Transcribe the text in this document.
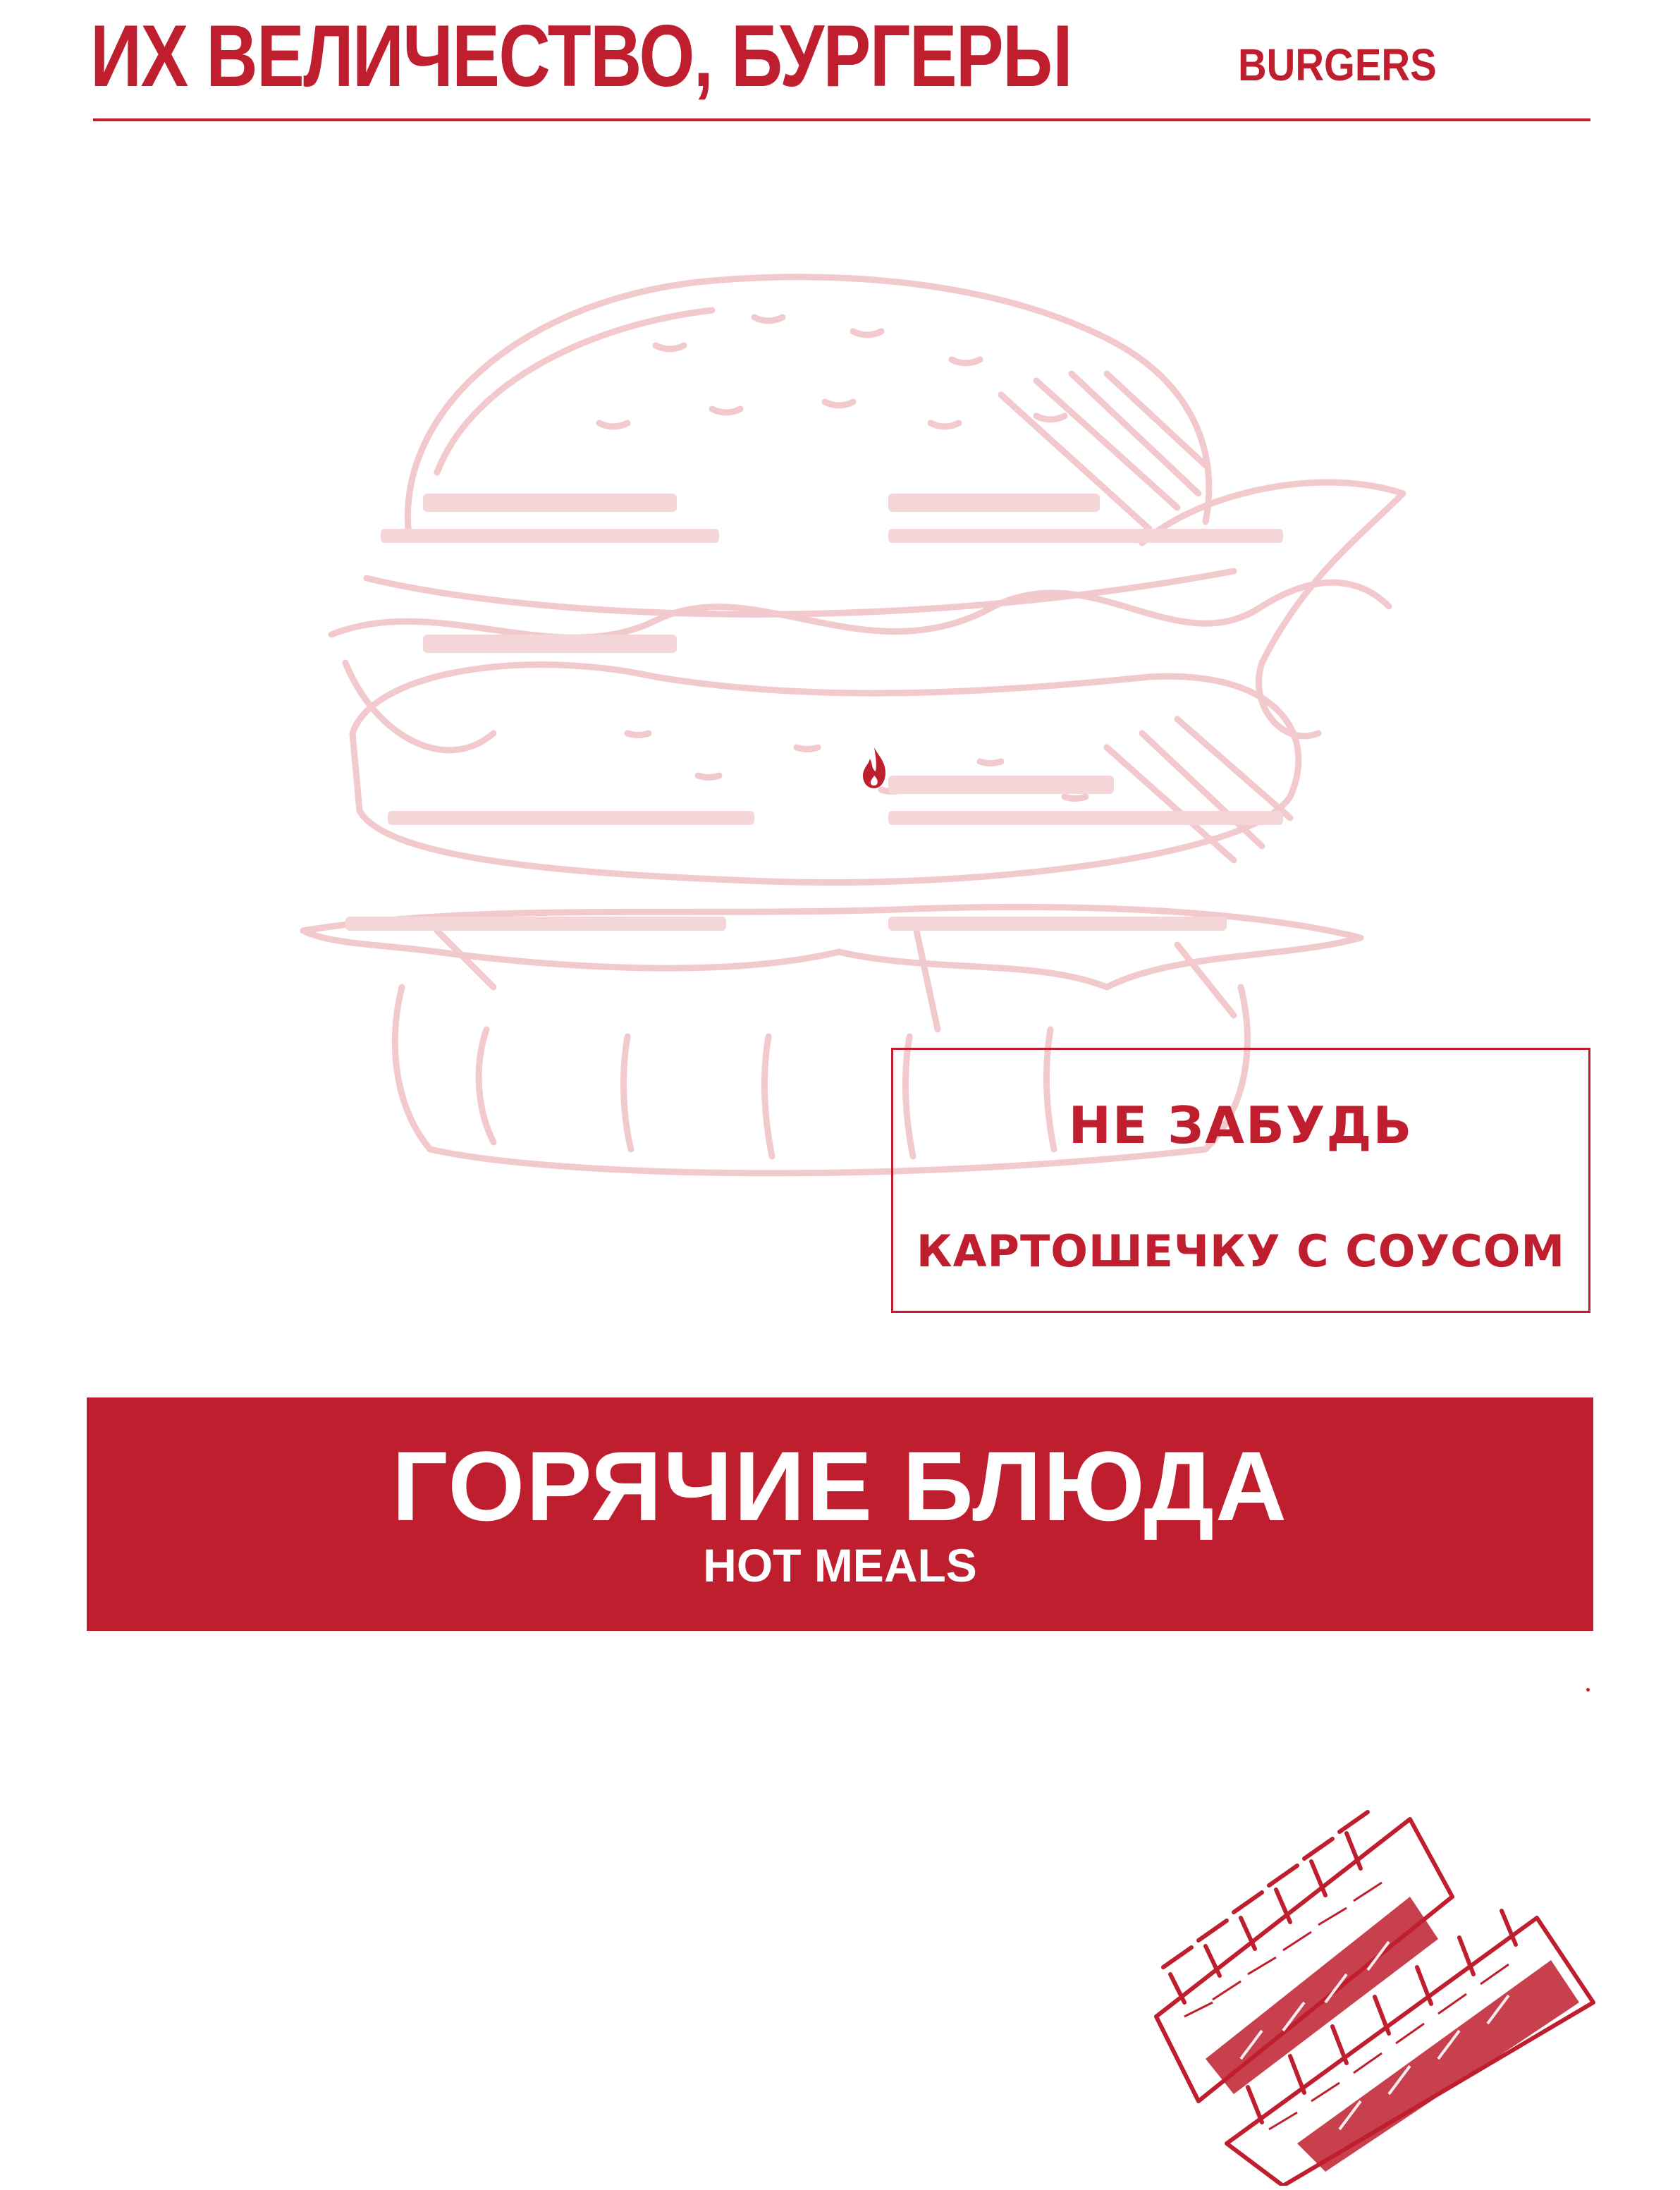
ИХ ВЕЛИЧЕСТВО, БУРГЕРЫ	BURGERS
НЕ ЗАБУДЬ
КАРТОШЕЧКУ С СОУСОМ
ГОРЯЧИЕ БЛЮДА
HOT MEALS
